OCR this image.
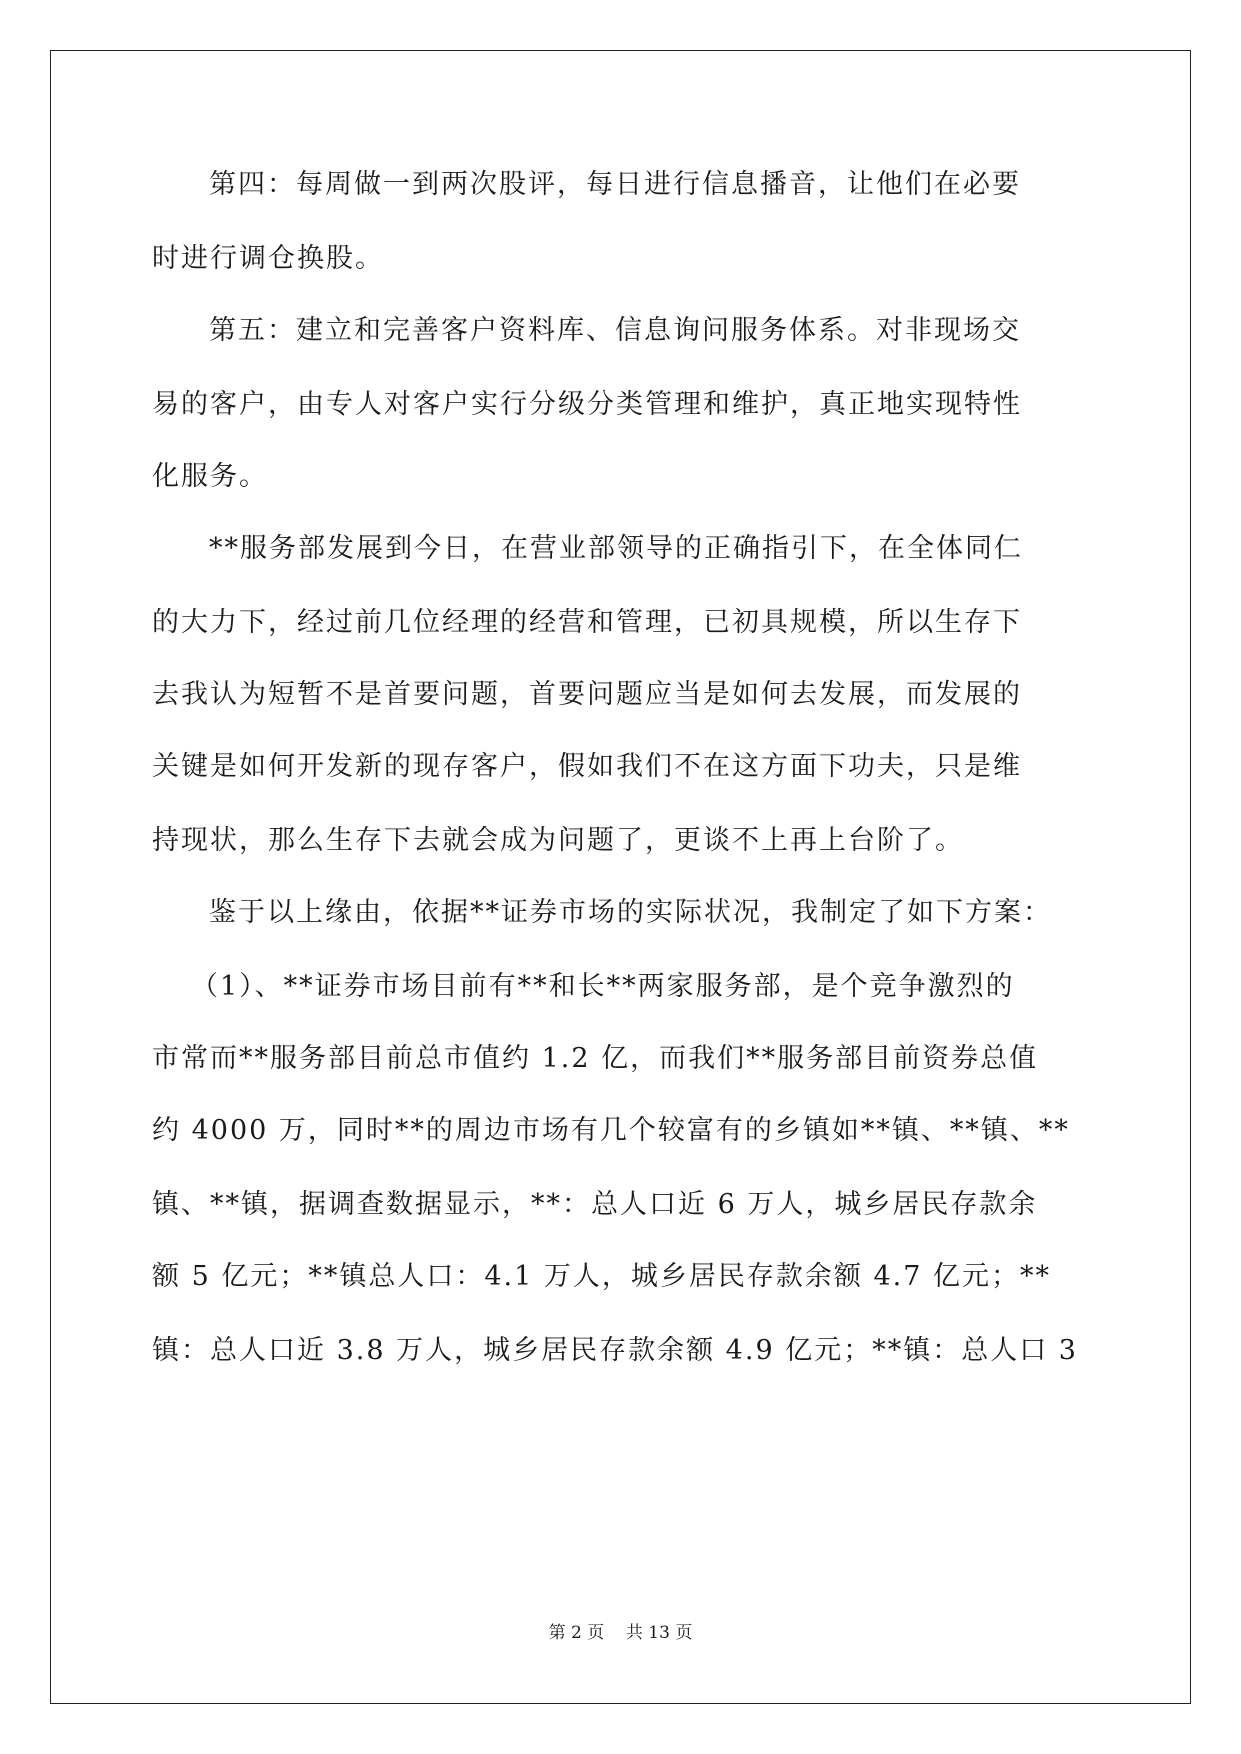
第四：每周做一到两次股评，每日进行信息播音，让他们在必要
时进行调仓换股。
第五：建立和完善客户资料库、信息询问服务体系。对非现场交
易的客户，由专人对客户实行分级分类管理和维护，真正地实现特性
化服务。
**服务部发展到今日，在营业部领导的正确指引下，在全体同仁
的大力下，经过前几位经理的经营和管理，已初具规模，所以生存下
去我认为短暂不是首要问题，首要问题应当是如何去发展，而发展的
关键是如何开发新的现存客户，假如我们不在这方面下功夫，只是维
持现状，那么生存下去就会成为问题了，更谈不上再上台阶了。
鉴于以上缘由，依据**证券市场的实际状况，我制定了如下方案：
（1）、**证券市场目前有**和长**两家服务部，是个竞争激烈的
市常而**服务部目前总市值约 1.2 亿，而我们**服务部目前资券总值
约 4000 万，同时**的周边市场有几个较富有的乡镇如**镇、**镇、**
镇、**镇，据调查数据显示，**：总人口近 6 万人，城乡居民存款余
额 5 亿元；**镇总人口：4.1 万人，城乡居民存款余额 4.7 亿元；**
镇：总人口近 3.8 万人，城乡居民存款余额 4.9 亿元；**镇：总人口 3
第 2 页    共 13 页
